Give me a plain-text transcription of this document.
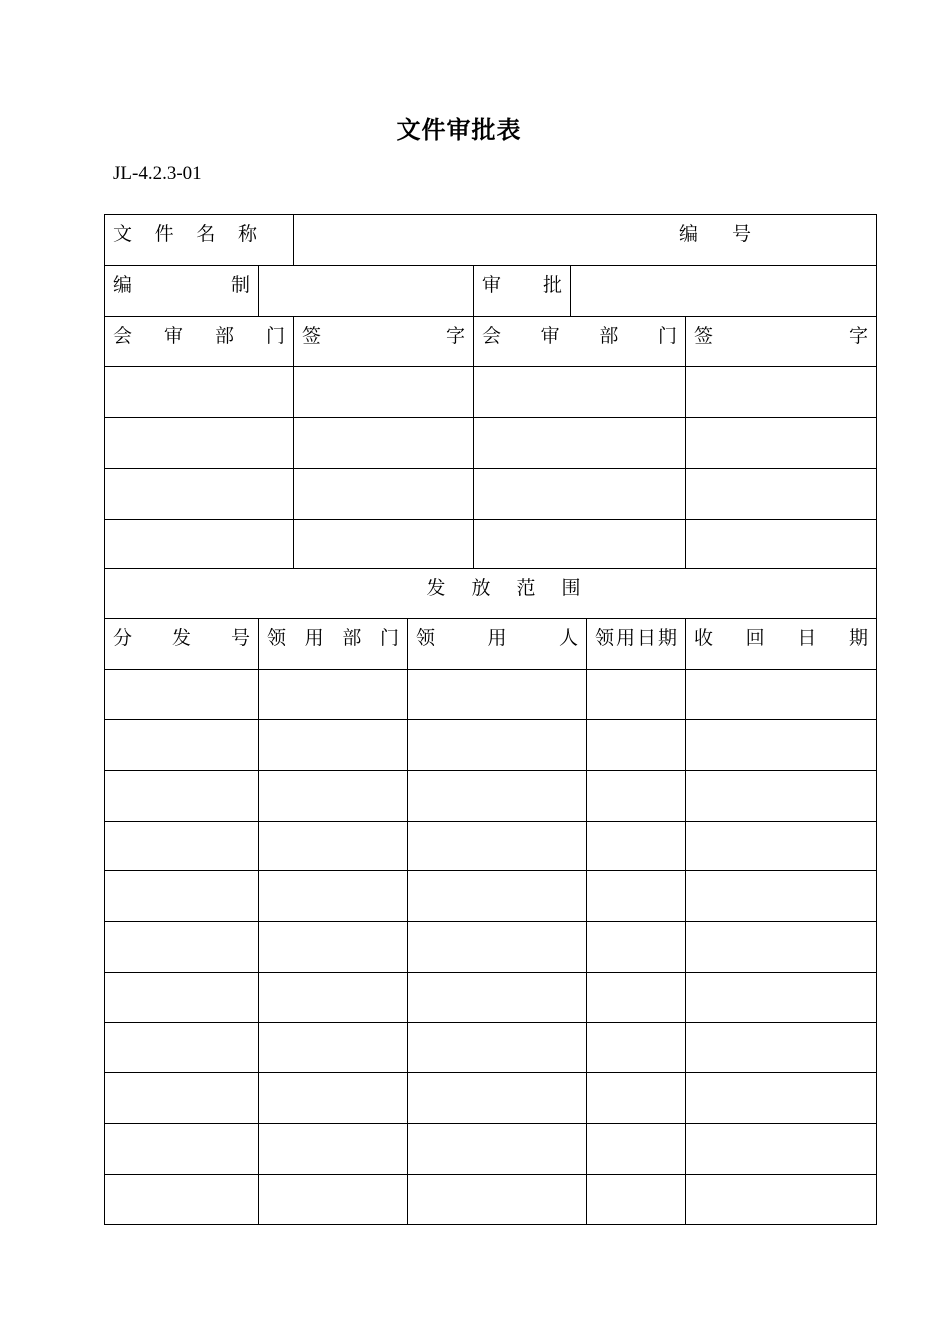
文件审批表
JL-4.2.3-01
文 件 名 称		编 号					

编 制				审 批			

会 审 部 门		签 字		会 审 部 门			签 字

发 放 范 围							

分 发 号	领 用 部 门		领 用 人			领 用 日 期	收 回 日 期
